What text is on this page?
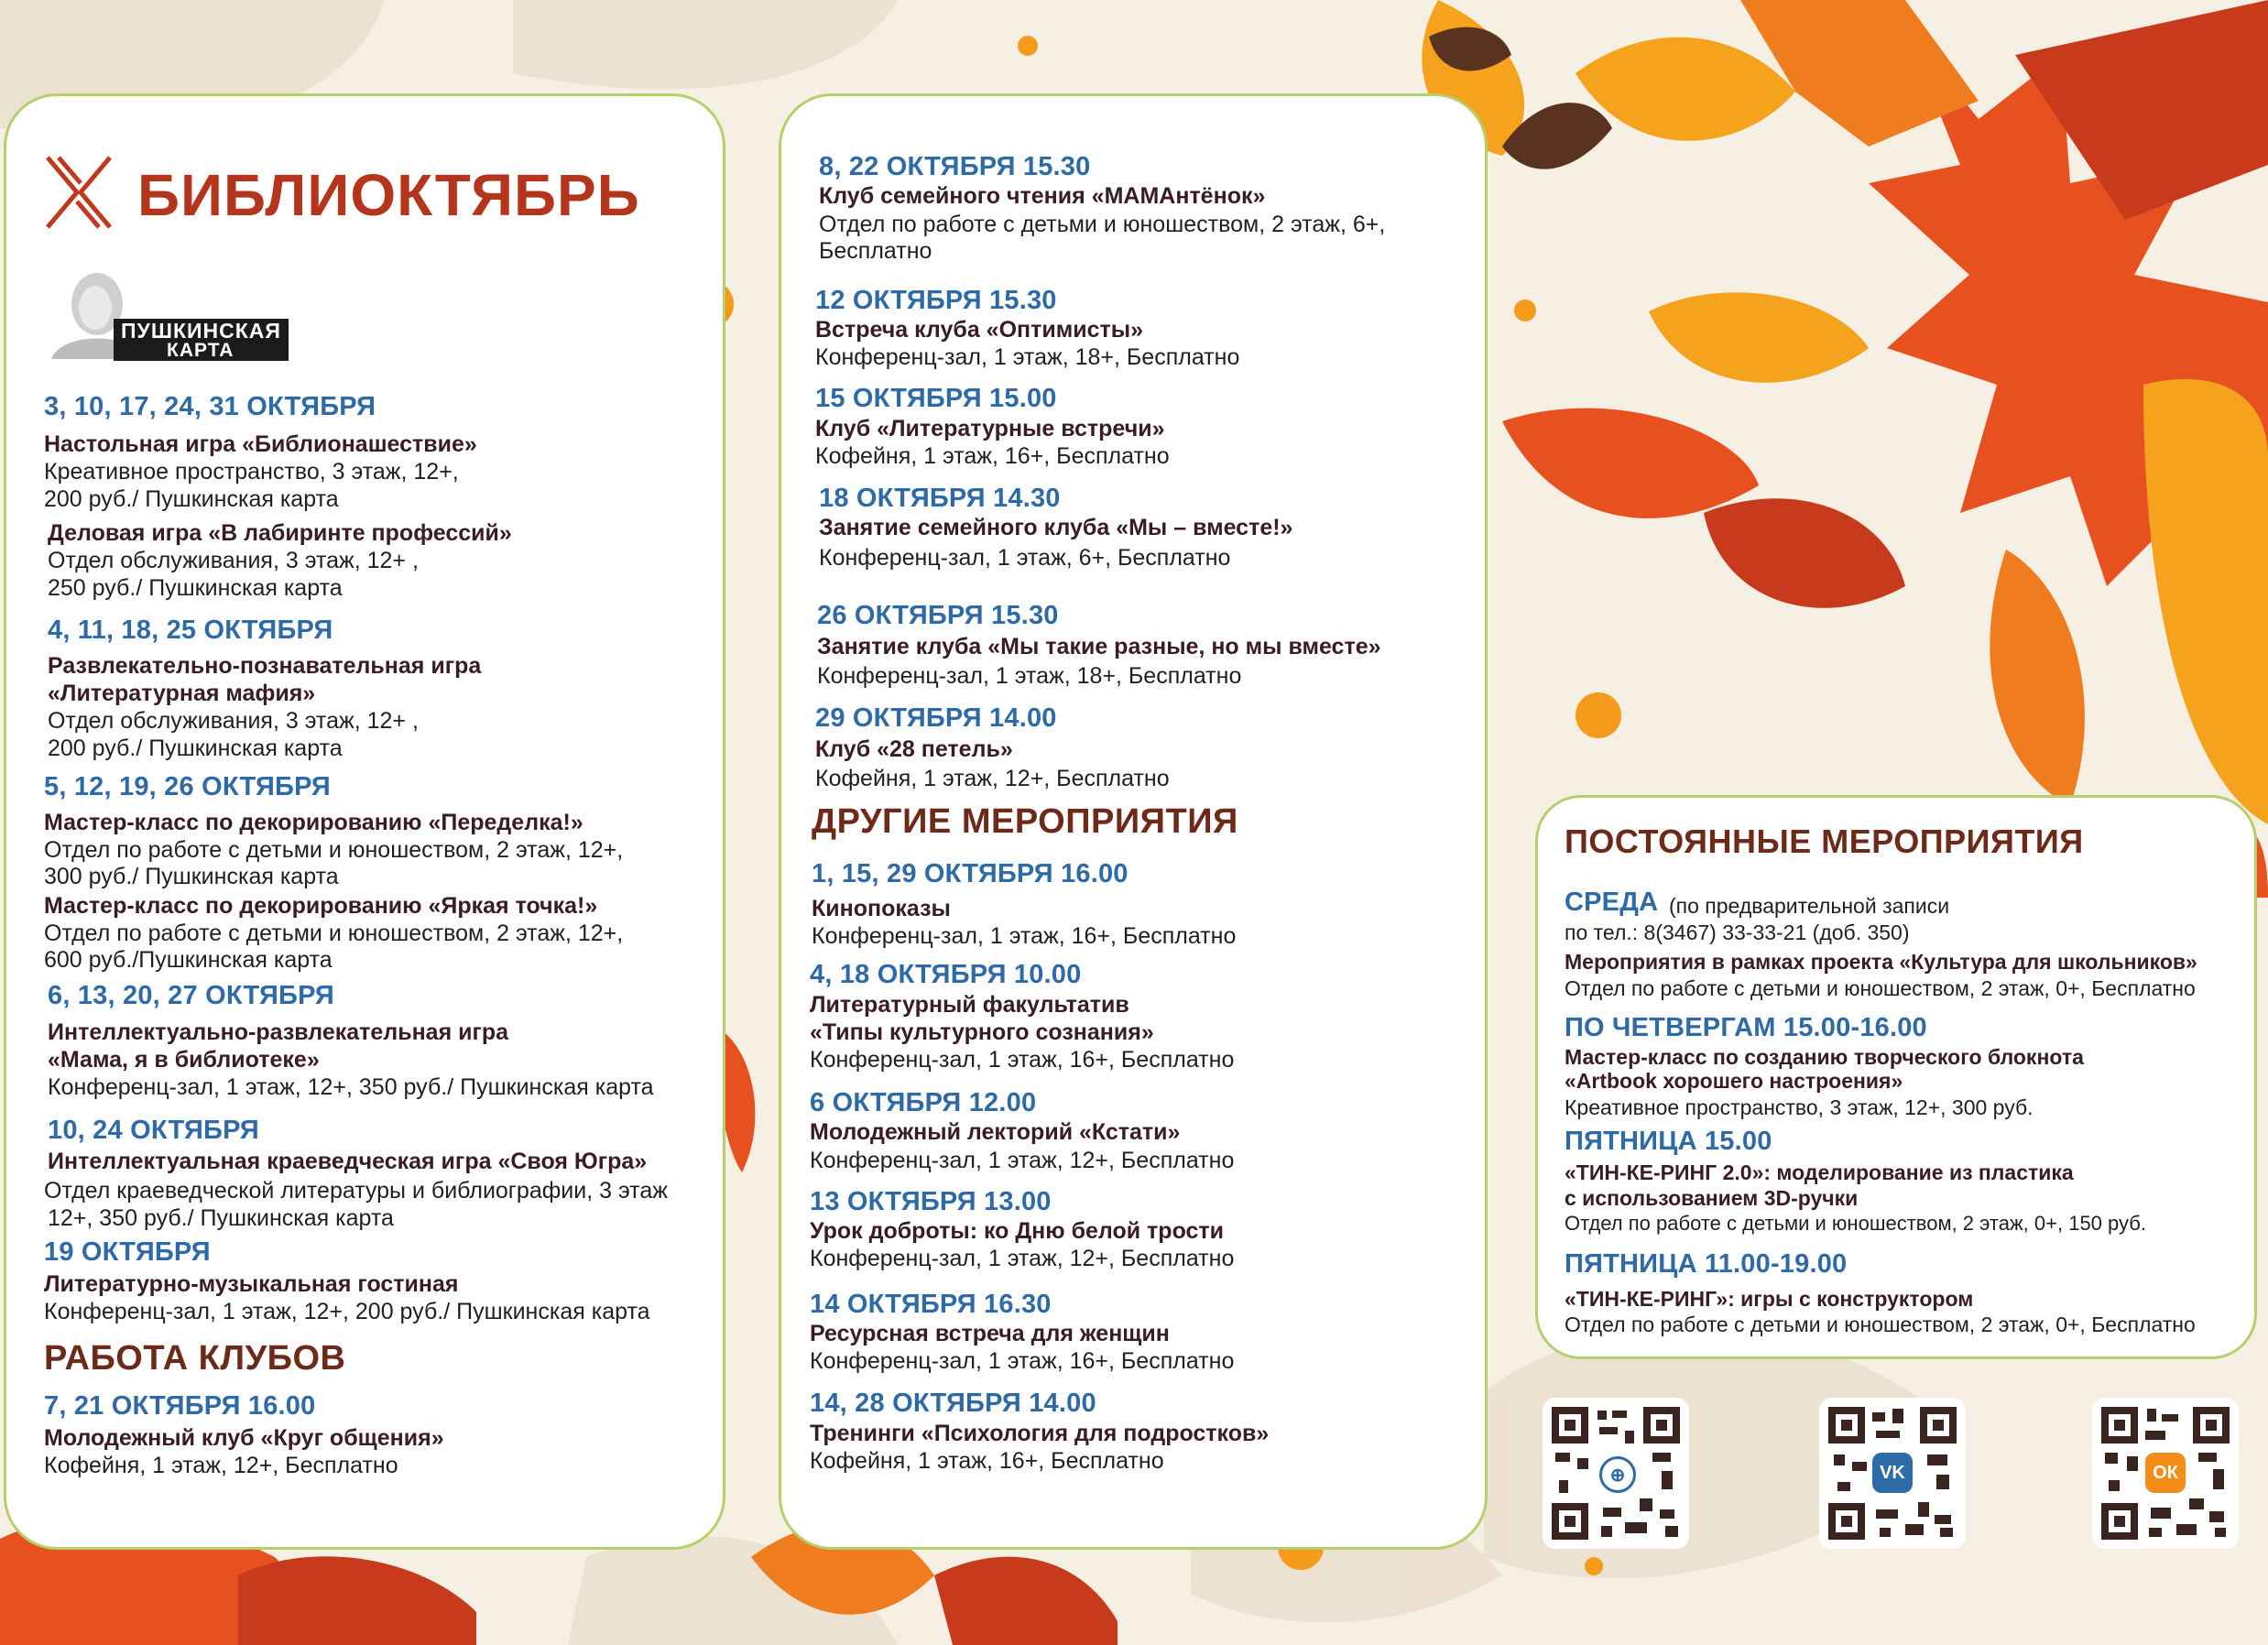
БИБЛИОКТЯБРЬ
ПУШКИНСКАЯ
КАРТА
3, 10, 17, 24, 31 ОКТЯБРЯ
Настольная игра «Библионашествие»
Креативное пространство, 3 этаж, 12+,
200 руб./ Пушкинская карта
Деловая игра «В лабиринте профессий»
Отдел обслуживания, 3 этаж, 12+ ,
250 руб./ Пушкинская карта
4, 11, 18, 25 ОКТЯБРЯ
Развлекательно-познавательная игра
«Литературная мафия»
Отдел обслуживания, 3 этаж, 12+ ,
200 руб./ Пушкинская карта
5, 12, 19, 26 ОКТЯБРЯ
Мастер-класс по декорированию «Переделка!»
Отдел по работе с детьми и юношеством, 2 этаж, 12+,
300 руб./ Пушкинская карта
Мастер-класс по декорированию «Яркая точка!»
Отдел по работе с детьми и юношеством, 2 этаж, 12+,
600 руб./Пушкинская карта
6, 13, 20, 27 ОКТЯБРЯ
Интеллектуально-развлекательная игра
«Мама, я в библиотеке»
Конференц-зал, 1 этаж, 12+, 350 руб./ Пушкинская карта
10, 24 ОКТЯБРЯ
Интеллектуальная краеведческая игра «Своя Югра»
Отдел краеведческой литературы и библиографии, 3 этаж
12+, 350 руб./ Пушкинская карта
19 ОКТЯБРЯ
Литературно-музыкальная гостиная
Конференц-зал, 1 этаж, 12+, 200 руб./ Пушкинская карта
РАБОТА КЛУБОВ
7, 21 ОКТЯБРЯ 16.00
Молодежный клуб «Круг общения»
Кофейня, 1 этаж, 12+, Бесплатно
8, 22 ОКТЯБРЯ 15.30
Клуб семейного чтения «МАМАнтёнок»
Отдел по работе с детьми и юношеством, 2 этаж, 6+,
Бесплатно
12 ОКТЯБРЯ 15.30
Встреча клуба «Оптимисты»
Конференц-зал, 1 этаж, 18+, Бесплатно
15 ОКТЯБРЯ 15.00
Клуб «Литературные встречи»
Кофейня, 1 этаж, 16+, Бесплатно
18 ОКТЯБРЯ 14.30
Занятие семейного клуба «Мы – вместе!»
Конференц-зал, 1 этаж, 6+, Бесплатно
26 ОКТЯБРЯ 15.30
Занятие клуба «Мы такие разные, но мы вместе»
Конференц-зал, 1 этаж, 18+, Бесплатно
29 ОКТЯБРЯ 14.00
Клуб «28 петель»
Кофейня, 1 этаж, 12+, Бесплатно
ДРУГИЕ МЕРОПРИЯТИЯ
1, 15, 29 ОКТЯБРЯ 16.00
Кинопоказы
Конференц-зал, 1 этаж, 16+, Бесплатно
4, 18 ОКТЯБРЯ 10.00
Литературный факультатив
«Типы культурного сознания»
Конференц-зал, 1 этаж, 16+, Бесплатно
6 ОКТЯБРЯ 12.00
Молодежный лекторий «Кстати»
Конференц-зал, 1 этаж, 12+, Бесплатно
13 ОКТЯБРЯ 13.00
Урок доброты: ко Дню белой трости
Конференц-зал, 1 этаж, 12+, Бесплатно
14 ОКТЯБРЯ 16.30
Ресурсная встреча для женщин
Конференц-зал, 1 этаж, 16+, Бесплатно
14, 28 ОКТЯБРЯ 14.00
Тренинги «Психология для подростков»
Кофейня, 1 этаж, 16+, Бесплатно
ПОСТОЯННЫЕ МЕРОПРИЯТИЯ
СРЕДА (по предварительной записи
по тел.: 8(3467) 33-33-21 (доб. 350)
Мероприятия в рамках проекта «Культура для школьников»
Отдел по работе с детьми и юношеством, 2 этаж, 0+, Бесплатно
ПО ЧЕТВЕРГАМ 15.00-16.00
Мастер-класс по созданию творческого блокнота
«Artbook хорошего настроения»
Креативное пространство, 3 этаж, 12+, 300 руб.
ПЯТНИЦА 15.00
«ТИН-КЕ-РИНГ 2.0»: моделирование из пластика
с использованием 3D-ручки
Отдел по работе с детьми и юношеством, 2 этаж, 0+, 150 руб.
ПЯТНИЦА 11.00-19.00
«ТИН-КЕ-РИНГ»: игры с конструктором
Отдел по работе с детьми и юношеством, 2 этаж, 0+, Бесплатно
⊕	VK	ОК
